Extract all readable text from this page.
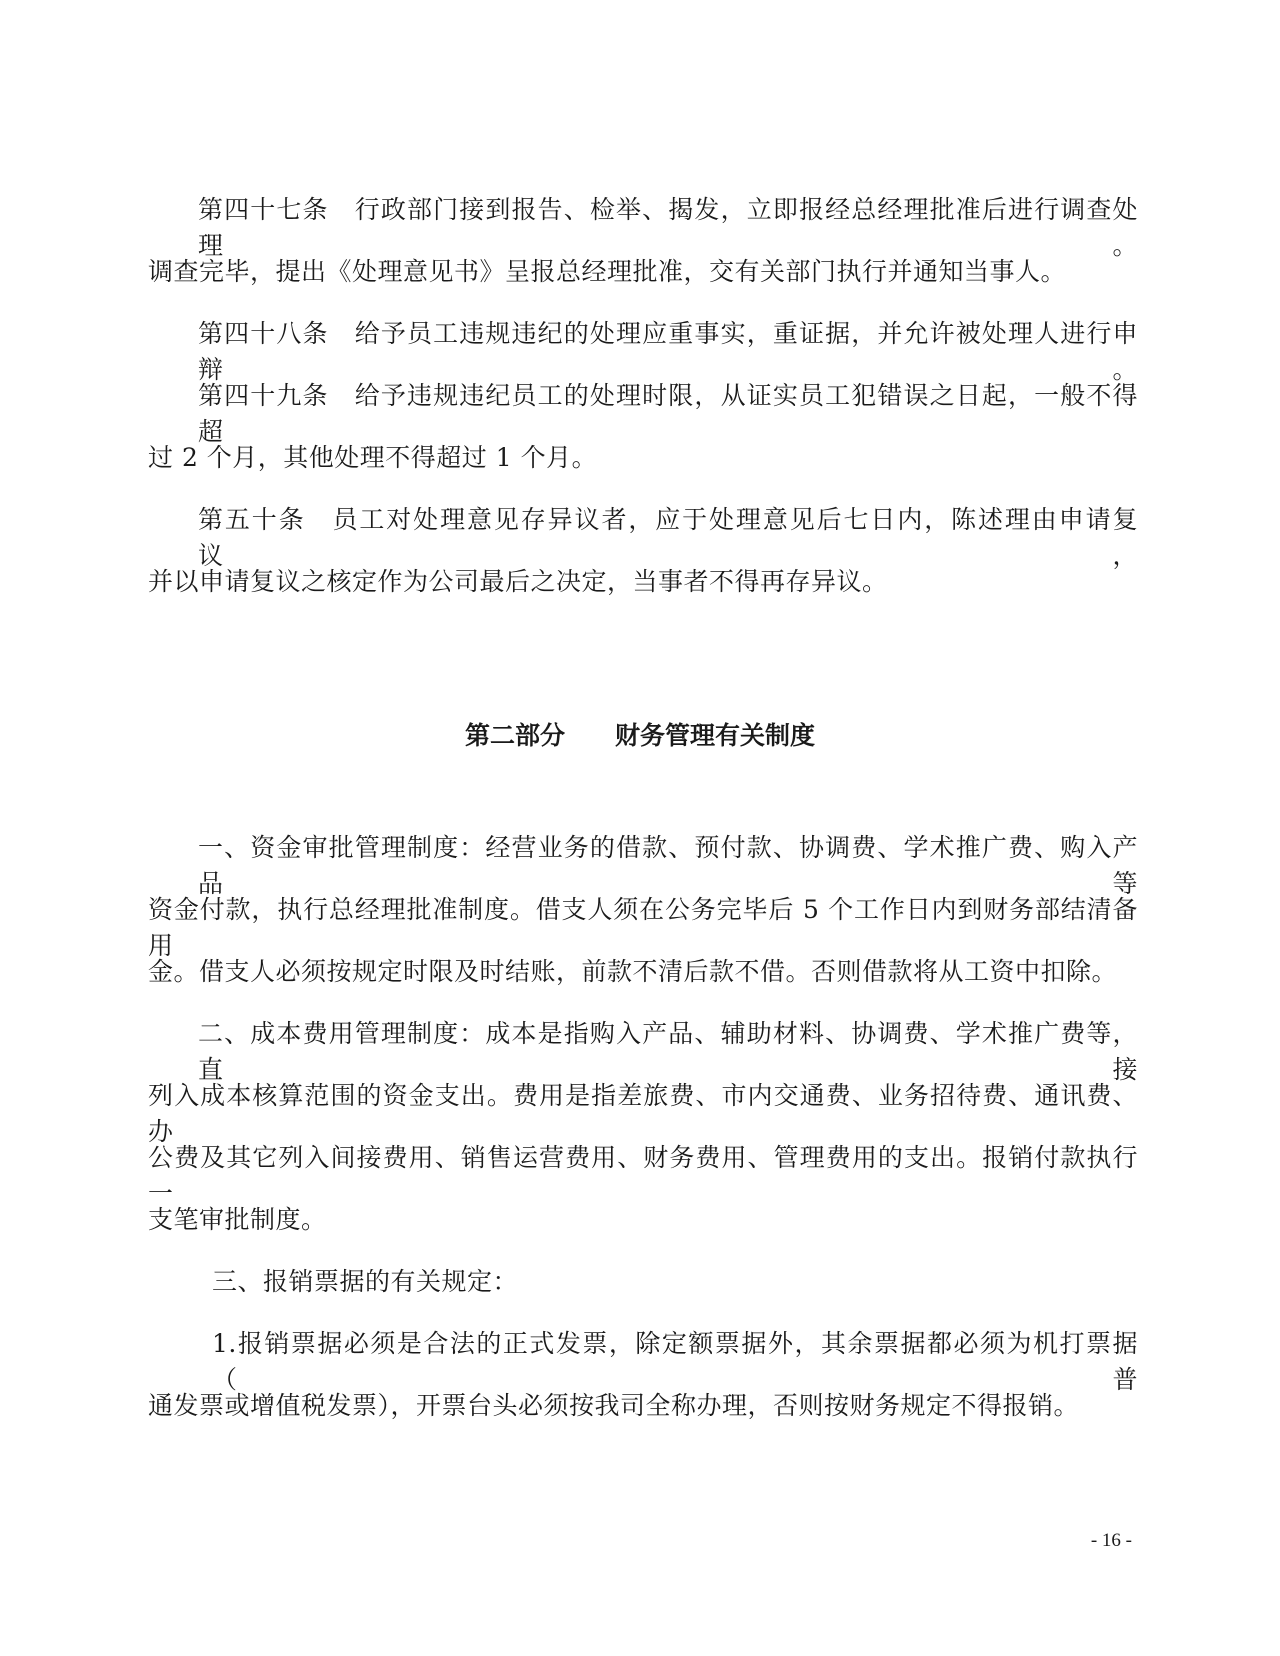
第四十七条　行政部门接到报告、检举、揭发，立即报经总经理批准后进行调查处理。
调查完毕，提出《处理意见书》呈报总经理批准，交有关部门执行并通知当事人。
第四十八条　给予员工违规违纪的处理应重事实，重证据，并允许被处理人进行申辩。
第四十九条　给予违规违纪员工的处理时限，从证实员工犯错误之日起，一般不得超
过 2 个月，其他处理不得超过 1 个月。
第五十条　员工对处理意见存异议者，应于处理意见后七日内，陈述理由申请复议，
并以申请复议之核定作为公司最后之决定，当事者不得再存异议。
第二部分　　财务管理有关制度
一、资金审批管理制度：经营业务的借款、预付款、协调费、学术推广费、购入产品等
资金付款，执行总经理批准制度。借支人须在公务完毕后 5 个工作日内到财务部结清备用
金。借支人必须按规定时限及时结账，前款不清后款不借。否则借款将从工资中扣除。
二、成本费用管理制度：成本是指购入产品、辅助材料、协调费、学术推广费等，直接
列入成本核算范围的资金支出。费用是指差旅费、市内交通费、业务招待费、通讯费、办
公费及其它列入间接费用、销售运营费用、财务费用、管理费用的支出。报销付款执行一
支笔审批制度。
三、报销票据的有关规定：
1.报销票据必须是合法的正式发票，除定额票据外，其余票据都必须为机打票据（普
通发票或增值税发票），开票台头必须按我司全称办理，否则按财务规定不得报销。
- 16 -
